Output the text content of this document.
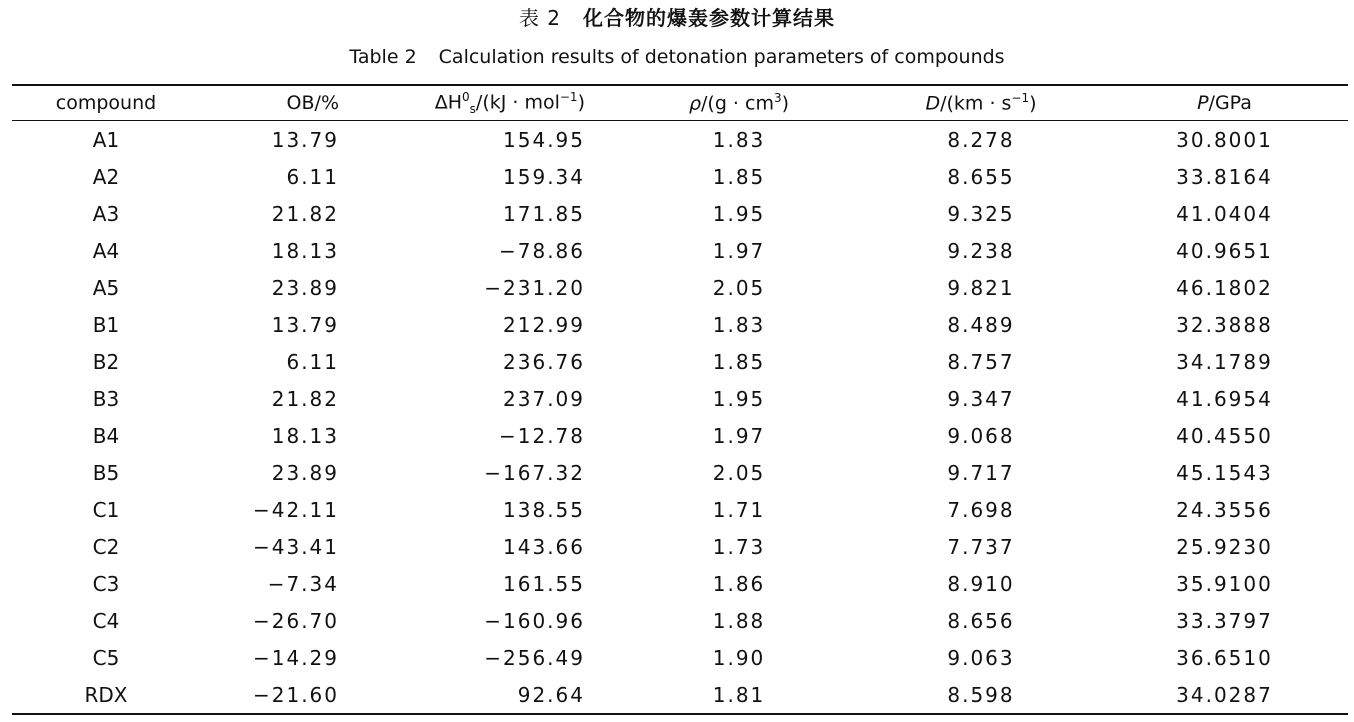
表 2 化合物的爆轰参数计算结果
Table 2 Calculation results of detonation parameters of compounds
compound	OB/%	$\Delta H^0_s/(kJ \cdot mol^{-1})$	$\rho/(g \cdot cm^3)$	$D/(km \cdot s^{-1})$	P/GPa
A1	13.79	154.95	1.83	8.278	30.8001
A2	6.11	159.34	1.85	8.655	33.8164
A3	21.82	171.85	1.95	9.325	41.0404
A4	18.13	−78.86	1.97	9.238	40.9651
A5	23.89	−231.20	2.05	9.821	46.1802
B1	13.79	212.99	1.83	8.489	32.3888
B2	6.11	236.76	1.85	8.757	34.1789
B3	21.82	237.09	1.95	9.347	41.6954
B4	18.13	−12.78	1.97	9.068	40.4550
B5	23.89	−167.32	2.05	9.717	45.1543
C1	−42.11	138.55	1.71	7.698	24.3556
C2	−43.41	143.66	1.73	7.737	25.9230
C3	−7.34	161.55	1.86	8.910	35.9100
C4	−26.70	−160.96	1.88	8.656	33.3797
C5	−14.29	−256.49	1.90	9.063	36.6510
RDX	−21.60	92.64	1.81	8.598	34.0287
